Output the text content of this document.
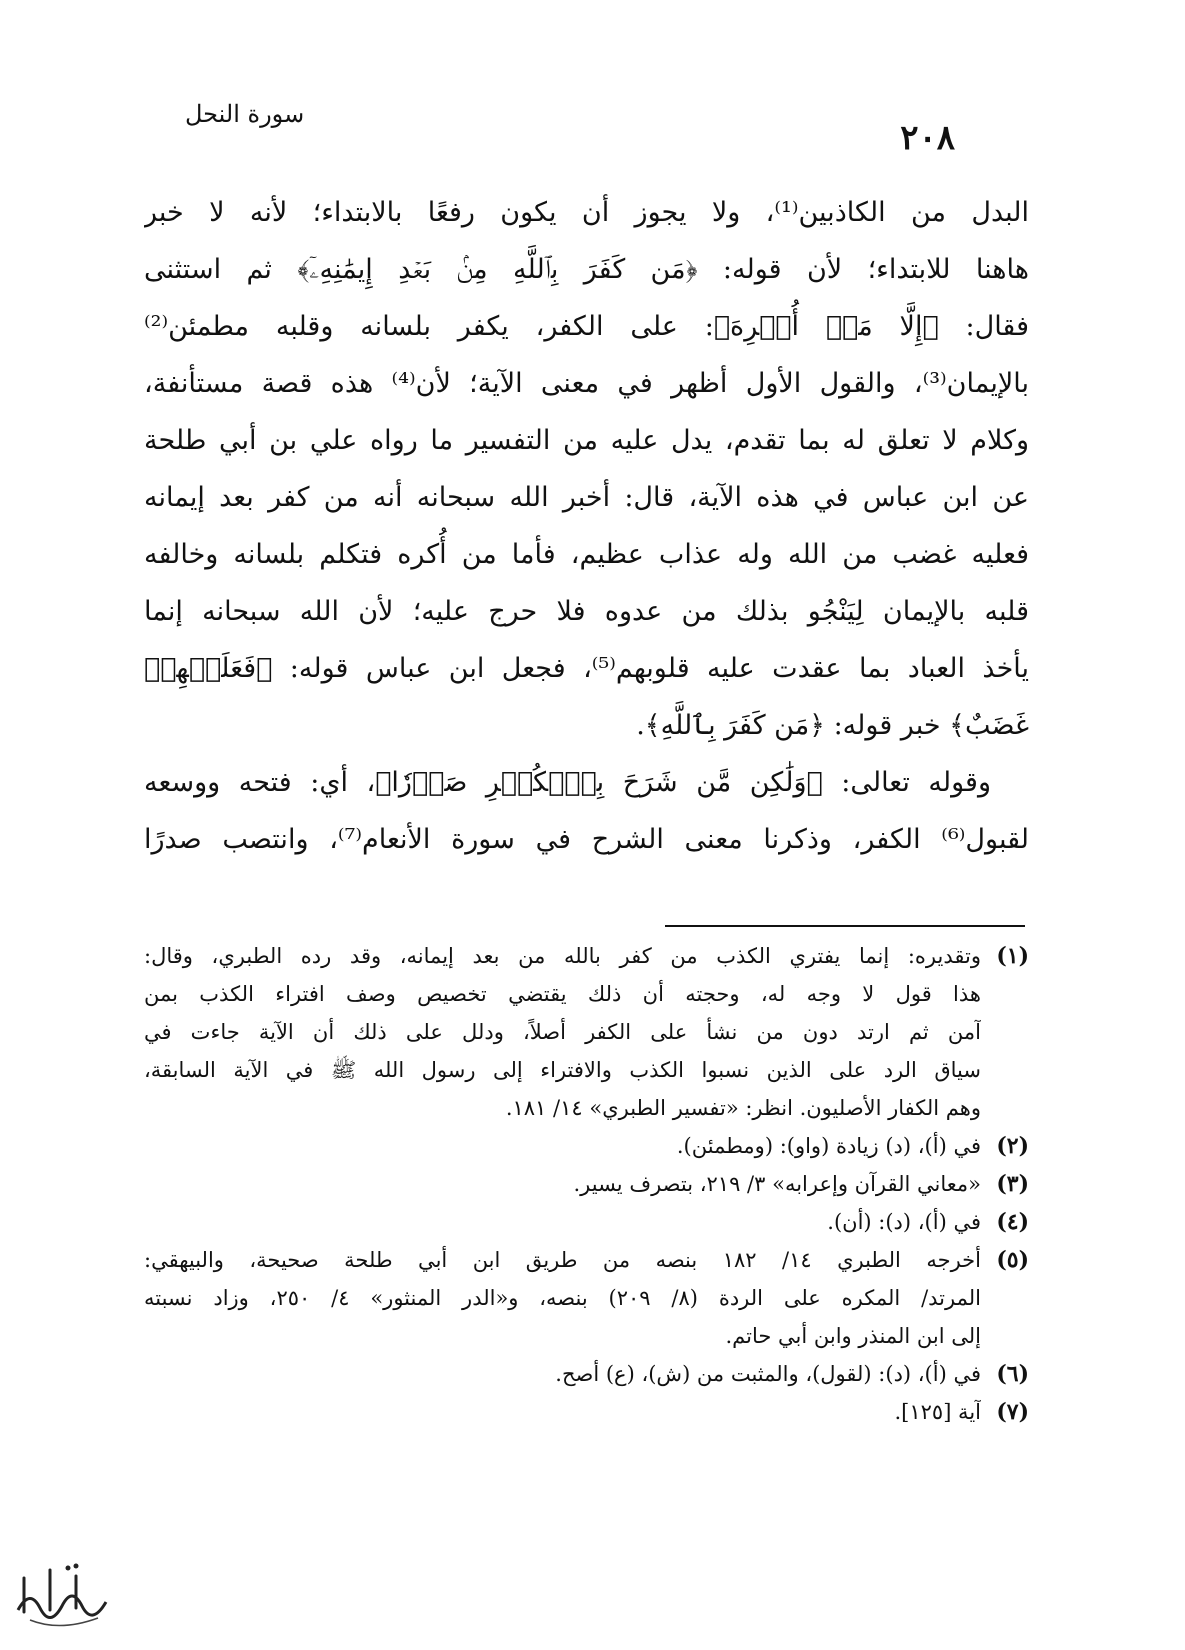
سورة النحل
٢٠٨
البدل من الكاذبين⁽¹⁾، ولا يجوز أن يكون رفعًا بالابتداء؛ لأنه لا خبر
هاهنا للابتداء؛ لأن قوله: ﴿مَن كَفَرَ بِٱللَّهِ مِنۢ بَعۡدِ إِيمَٰنِهِۦٓ﴾ ثم استثنى
فقال: ﴿إِلَّا مَنۡ أُكۡرِهَ﴾: على الكفر، يكفر بلسانه وقلبه مطمئن⁽²⁾
بالإيمان⁽³⁾، والقول الأول أظهر في معنى الآية؛ لأن⁽⁴⁾ هذه قصة مستأنفة،
وكلام لا تعلق له بما تقدم، يدل عليه من التفسير ما رواه علي بن أبي طلحة
عن ابن عباس في هذه الآية، قال: أخبر الله سبحانه أنه من كفر بعد إيمانه
فعليه غضب من الله وله عذاب عظيم، فأما من أُكره فتكلم بلسانه وخالفه
قلبه بالإيمان لِيَنْجُو بذلك من عدوه فلا حرج عليه؛ لأن الله سبحانه إنما
يأخذ العباد بما عقدت عليه قلوبهم⁽⁵⁾، فجعل ابن عباس قوله: ﴿فَعَلَيۡهِمۡ
غَضَبٌ﴾ خبر قوله: ﴿مَن كَفَرَ بِٱللَّهِ﴾.
وقوله تعالى: ﴿وَلَٰكِن مَّن شَرَحَ بِٱلۡكُفۡرِ صَدۡرٗا﴾، أي: فتحه ووسعه
لقبول⁽⁶⁾ الكفر، وذكرنا معنى الشرح في سورة الأنعام⁽⁷⁾، وانتصب صدرًا
(١)
وتقديره: إنما يفتري الكذب من كفر بالله من بعد إيمانه، وقد رده الطبري، وقال:
هذا قول لا وجه له، وحجته أن ذلك يقتضي تخصيص وصف افتراء الكذب بمن
آمن ثم ارتد دون من نشأ على الكفر أصلاً، ودلل على ذلك أن الآية جاءت في
سياق الرد على الذين نسبوا الكذب والافتراء إلى رسول الله ﷺ في الآية السابقة،
وهم الكفار الأصليون. انظر: «تفسير الطبري» ١٤/ ١٨١.
(٢)
في (أ)، (د) زيادة (واو): (ومطمئن).
(٣)
«معاني القرآن وإعرابه» ٣/ ٢١٩، بتصرف يسير.
(٤)
في (أ)، (د): (أن).
(٥)
أخرجه الطبري ١٤/ ١٨٢ بنصه من طريق ابن أبي طلحة صحيحة، والبيهقي:
المرتد/ المكره على الردة (٨/ ٢٠٩) بنصه، و«الدر المنثور» ٤/ ٢٥٠، وزاد نسبته
إلى ابن المنذر وابن أبي حاتم.
(٦)
في (أ)، (د): (لقول)، والمثبت من (ش)، (ع) أصح.
(٧)
آية [١٢٥].
